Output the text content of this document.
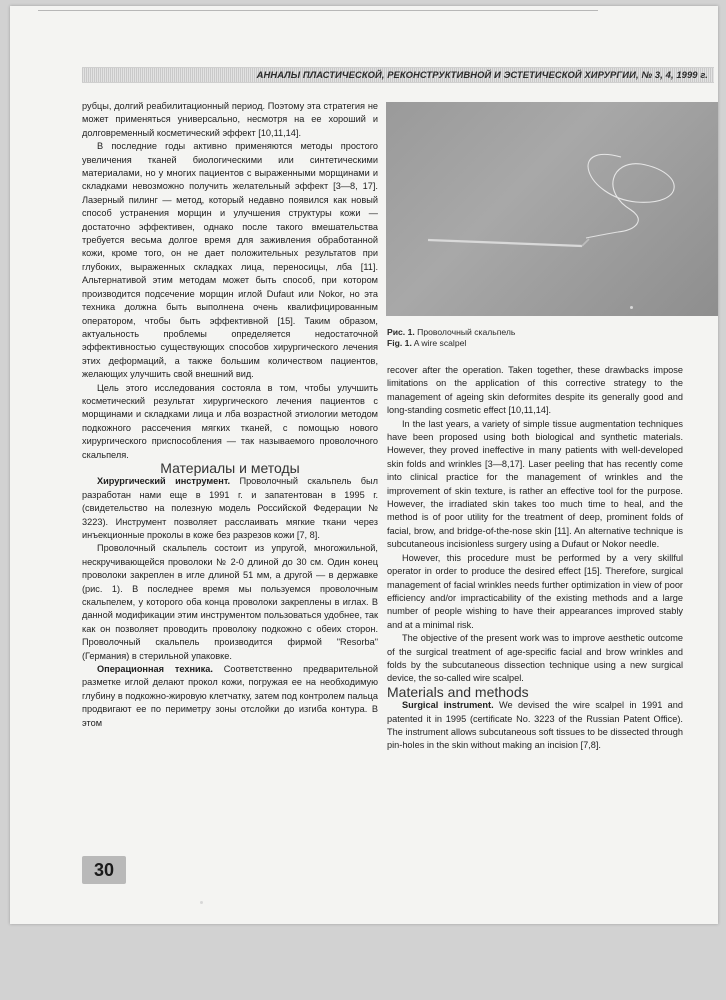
АННАЛЫ ПЛАСТИЧЕСКОЙ, РЕКОНСТРУКТИВНОЙ И ЭСТЕТИЧЕСКОЙ ХИРУРГИИ, № 3, 4, 1999 г.

рубцы, долгий реабилитационный период. Поэтому эта стратегия не может применяться универсально, несмотря на ее хороший и долговременный косметический эффект [10,11,14].

В последние годы активно применяются методы простого увеличения тканей биологическими или синтетическими материалами, но у многих пациентов с выраженными морщинами и складками невозможно получить желательный эффект [3—8, 17]. Лазерный пилинг — метод, который недавно появился как новый способ устранения морщин и улучшения структуры кожи — достаточно эффективен, однако после такого вмешательства требуется весьма долгое время для заживления обработанной кожи, кроме того, он не дает положительных результатов при глубоких, выраженных складках лица, переносицы, лба [11]. Альтернативой этим методам может быть способ, при котором производится подсечение морщин иглой Dufaut или Nokor, но эта техника должна быть выполнена очень квалифицированным оператором, чтобы быть эффективной [15]. Таким образом, актуальность проблемы определяется недостаточной эффективностью существующих способов хирургического лечения этих деформаций, а также большим количеством пациентов, желающих улучшить свой внешний вид.

Цель этого исследования состояла в том, чтобы улучшить косметический результат хирургического лечения пациентов с морщинами и складками лица и лба возрастной этиологии методом подкожного рассечения мягких тканей, с помощью нового хирургического приспособления — так называемого проволочного скальпеля.

Материалы и методы

Хирургический инструмент. Проволочный скальпель был разработан нами еще в 1991 г. и запатентован в 1995 г. (свидетельство на полезную модель Российской Федерации № 3223). Инструмент позволяет расслаивать мягкие ткани через инъекционные проколы в коже без разрезов кожи [7, 8].

Проволочный скальпель состоит из упругой, многожильной, нескручивающейся проволоки № 2-0 длиной до 30 см. Один конец проволоки закреплен в игле длиной 51 мм, а другой — в державке (рис. 1). В последнее время мы пользуемся проволочным скальпелем, у которого оба конца проволоки закреплены в иглах. В данной модификации этим инструментом пользоваться удобнее, так как он позволяет проводить проволоку подкожно с обеих сторон. Проволочный скальпель производится фирмой "Resorba" (Германия) в стерильной упаковке.

Операционная техника. Соответственно предварительной разметке иглой делают прокол кожи, погружая ее на необходимую глубину в подкожно-жировую клетчатку, затем под контролем пальца продвигают ее по периметру зоны отслойки до изгиба контура. В этом

Рис. 1. Проволочный скальпель
Fig. 1. A wire scalpel

recover after the operation. Taken together, these drawbacks impose limitations on the application of this corrective strategy to the management of ageing skin deformites despite its generally good and long-standing cosmetic effect [10,11,14].

In the last years, a variety of simple tissue augmentation techniques have been proposed using both biological and synthetic materials. However, they proved ineffective in many patients with well-developed skin folds and wrinkles [3—8,17]. Laser peeling that has recently come into clinical practice for the management of wrinkles and the improvement of skin texture, is rather an effective tool for the purpose. However, the irradiated skin takes too much time to heal, and the method is of poor utility for the treatment of deep, prominent folds of facial, brow, and bridge-of-the-nose skin [11]. An alternative technique is subcutaneous incisionless surgery using a Dufaut or Nokor needle.

However, this procedure must be performed by a very skillful operator in order to produce the desired effect [15]. Therefore, surgical management of facial wrinkles needs further optimization in view of poor efficiency and/or impracticability of the existing methods and a large number of people wishing to have their appearances improved stably and at a minimal risk.

The objective of the present work was to improve aesthetic outcome of the surgical treatment of age-specific facial and brow wrinkles and folds by the subcutaneous dissection technique using a new surgical device, the so-called wire scalpel.

Materials and methods

Surgical instrument. We devised the wire scalpel in 1991 and patented it in 1995 (certificate No. 3223 of the Russian Patent Office). The instrument allows subcutaneous soft tissues to be dissected through pin-holes in the skin without making an incision [7,8].

30
